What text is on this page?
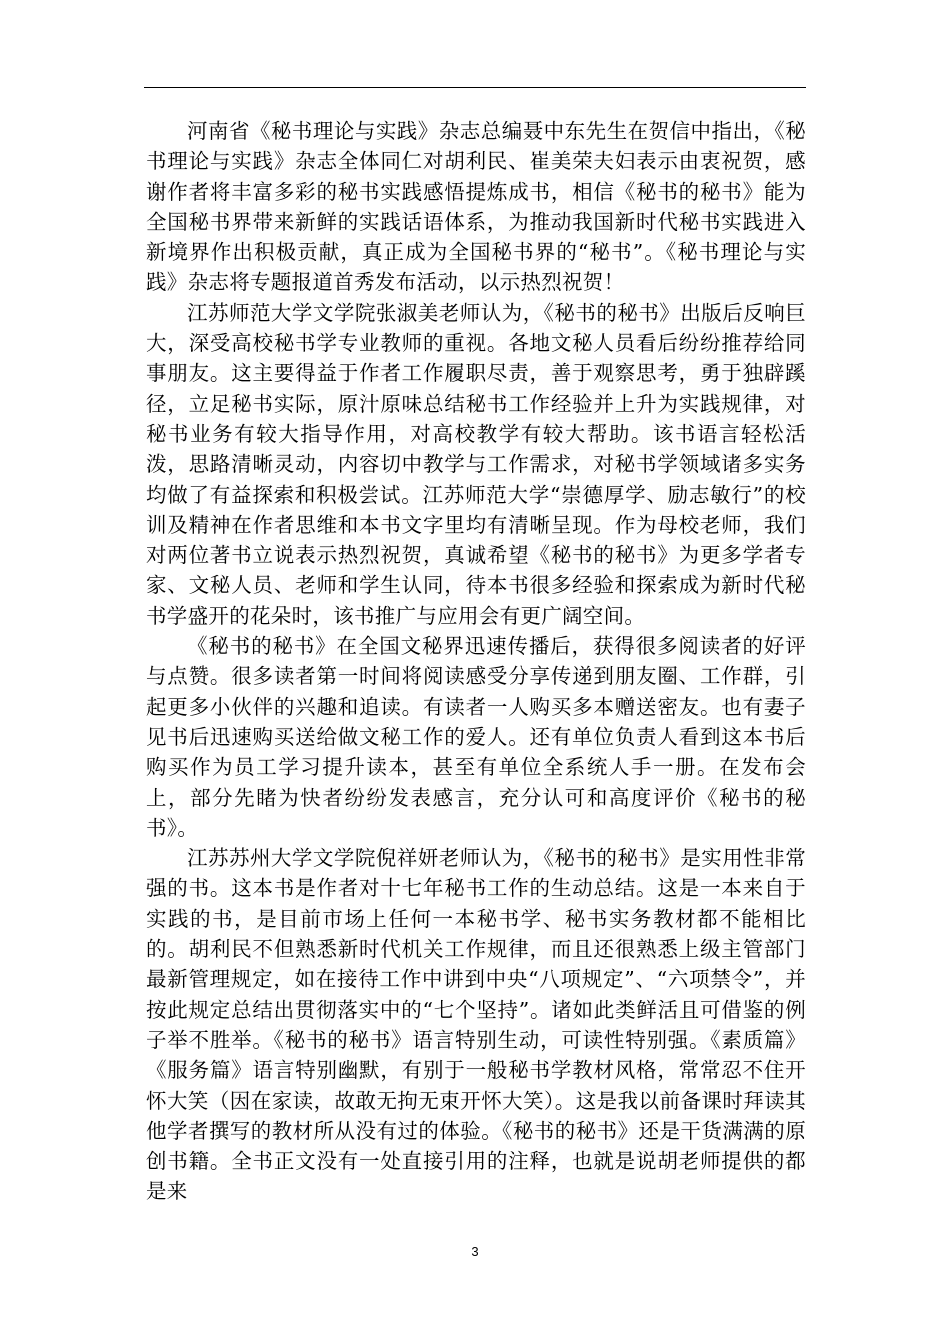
河南省《秘书理论与实践》杂志总编聂中东先生在贺信中指出，《秘书理论与实践》杂志全体同仁对胡利民、崔美荣夫妇表示由衷祝贺，感谢作者将丰富多彩的秘书实践感悟提炼成书，相信《秘书的秘书》能为全国秘书界带来新鲜的实践话语体系，为推动我国新时代秘书实践进入新境界作出积极贡献，真正成为全国秘书界的“秘书”。《秘书理论与实践》杂志将专题报道首秀发布活动，以示热烈祝贺！

江苏师范大学文学院张淑美老师认为，《秘书的秘书》出版后反响巨大，深受高校秘书学专业教师的重视。各地文秘人员看后纷纷推荐给同事朋友。这主要得益于作者工作履职尽责，善于观察思考，勇于独辟蹊径，立足秘书实际，原汁原味总结秘书工作经验并上升为实践规律，对秘书业务有较大指导作用，对高校教学有较大帮助。该书语言轻松活泼，思路清晰灵动，内容切中教学与工作需求，对秘书学领域诸多实务均做了有益探索和积极尝试。江苏师范大学“崇德厚学、励志敏行”的校训及精神在作者思维和本书文字里均有清晰呈现。作为母校老师，我们对两位著书立说表示热烈祝贺，真诚希望《秘书的秘书》为更多学者专家、文秘人员、老师和学生认同，待本书很多经验和探索成为新时代秘书学盛开的花朵时，该书推广与应用会有更广阔空间。

《秘书的秘书》在全国文秘界迅速传播后，获得很多阅读者的好评与点赞。很多读者第一时间将阅读感受分享传递到朋友圈、工作群，引起更多小伙伴的兴趣和追读。有读者一人购买多本赠送密友。也有妻子见书后迅速购买送给做文秘工作的爱人。还有单位负责人看到这本书后购买作为员工学习提升读本，甚至有单位全系统人手一册。在发布会上，部分先睹为快者纷纷发表感言，充分认可和高度评价《秘书的秘书》。

江苏苏州大学文学院倪祥妍老师认为，《秘书的秘书》是实用性非常强的书。这本书是作者对十七年秘书工作的生动总结。这是一本来自于实践的书，是目前市场上任何一本秘书学、秘书实务教材都不能相比的。胡利民不但熟悉新时代机关工作规律，而且还很熟悉上级主管部门最新管理规定，如在接待工作中讲到中央“八项规定”、“六项禁令”，并按此规定总结出贯彻落实中的“七个坚持”。诸如此类鲜活且可借鉴的例子举不胜举。《秘书的秘书》语言特别生动，可读性特别强。《素质篇》《服务篇》语言特别幽默，有别于一般秘书学教材风格，常常忍不住开怀大笑（因在家读，故敢无拘无束开怀大笑）。这是我以前备课时拜读其他学者撰写的教材所从没有过的体验。《秘书的秘书》还是干货满满的原创书籍。全书正文没有一处直接引用的注释，也就是说胡老师提供的都是来

3
